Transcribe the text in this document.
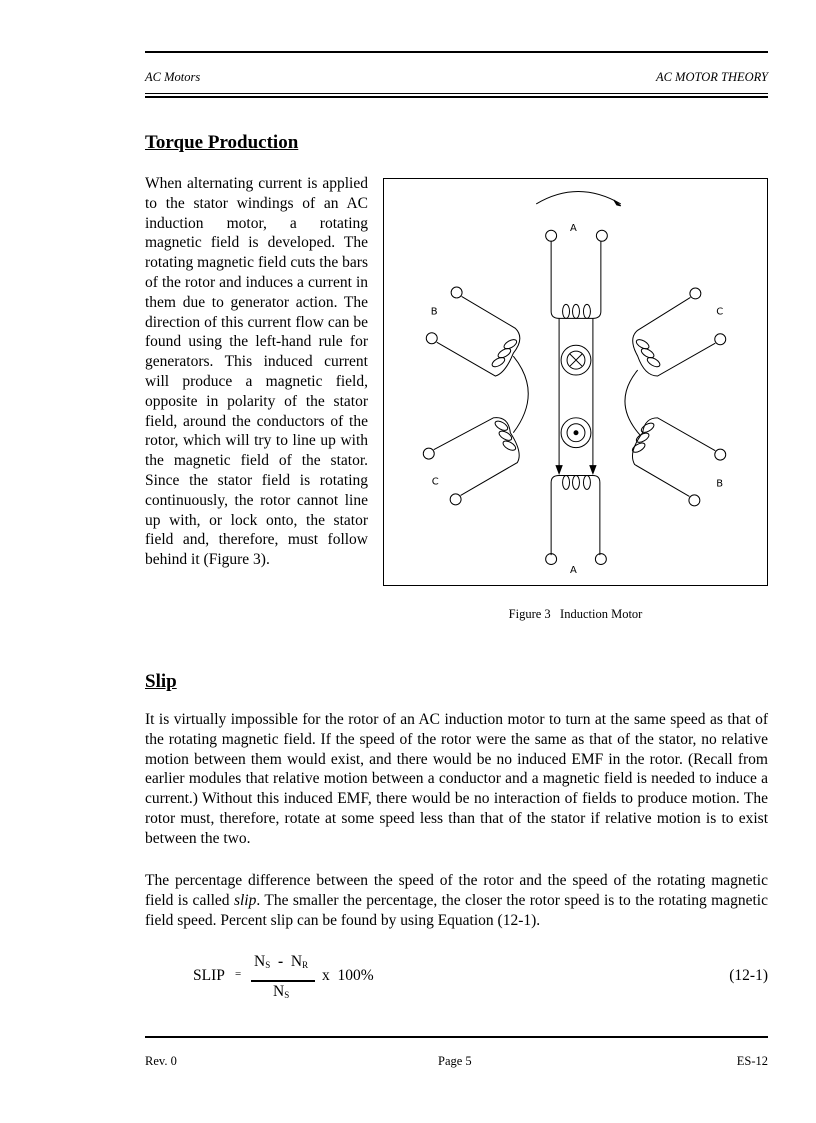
AC Motors	AC MOTOR THEORY
Torque Production

When alternating current is applied to the stator windings of an AC induction motor, a rotating magnetic field is developed. The rotating magnetic field cuts the bars of the rotor and induces a current in them due to generator action. The direction of this current flow can be found using the left-hand rule for generators. This induced current will produce a magnetic field, opposite in polarity of the stator field, around the conductors of the rotor, which will try to line up with the magnetic field of the stator. Since the stator field is rotating continuously, the rotor cannot line up with, or lock onto, the stator field and, therefore, must follow behind it (Figure 3).

A
A
B
C
C
B
Figure 3   Induction Motor
Slip

It is virtually impossible for the rotor of an AC induction motor to turn at the same speed as that of the rotating magnetic field. If the speed of the rotor were the same as that of the stator, no relative motion between them would exist, and there would be no induced EMF in the rotor. (Recall from earlier modules that relative motion between a conductor and a magnetic field is needed to induce a current.) Without this induced EMF, there would be no interaction of fields to produce motion. The rotor must, therefore, rotate at some speed less than that of the stator if relative motion is to exist between the two.

The percentage difference between the speed of the rotor and the speed of the rotating magnetic field is called slip. The smaller the percentage, the closer the rotor speed is to the rotating magnetic field speed. Percent slip can be found by using Equation (12-1).

SLIP =
$N_S - N_R$
$N_S$
x  100%	(12-1)
Rev. 0	Page 5	ES-12
